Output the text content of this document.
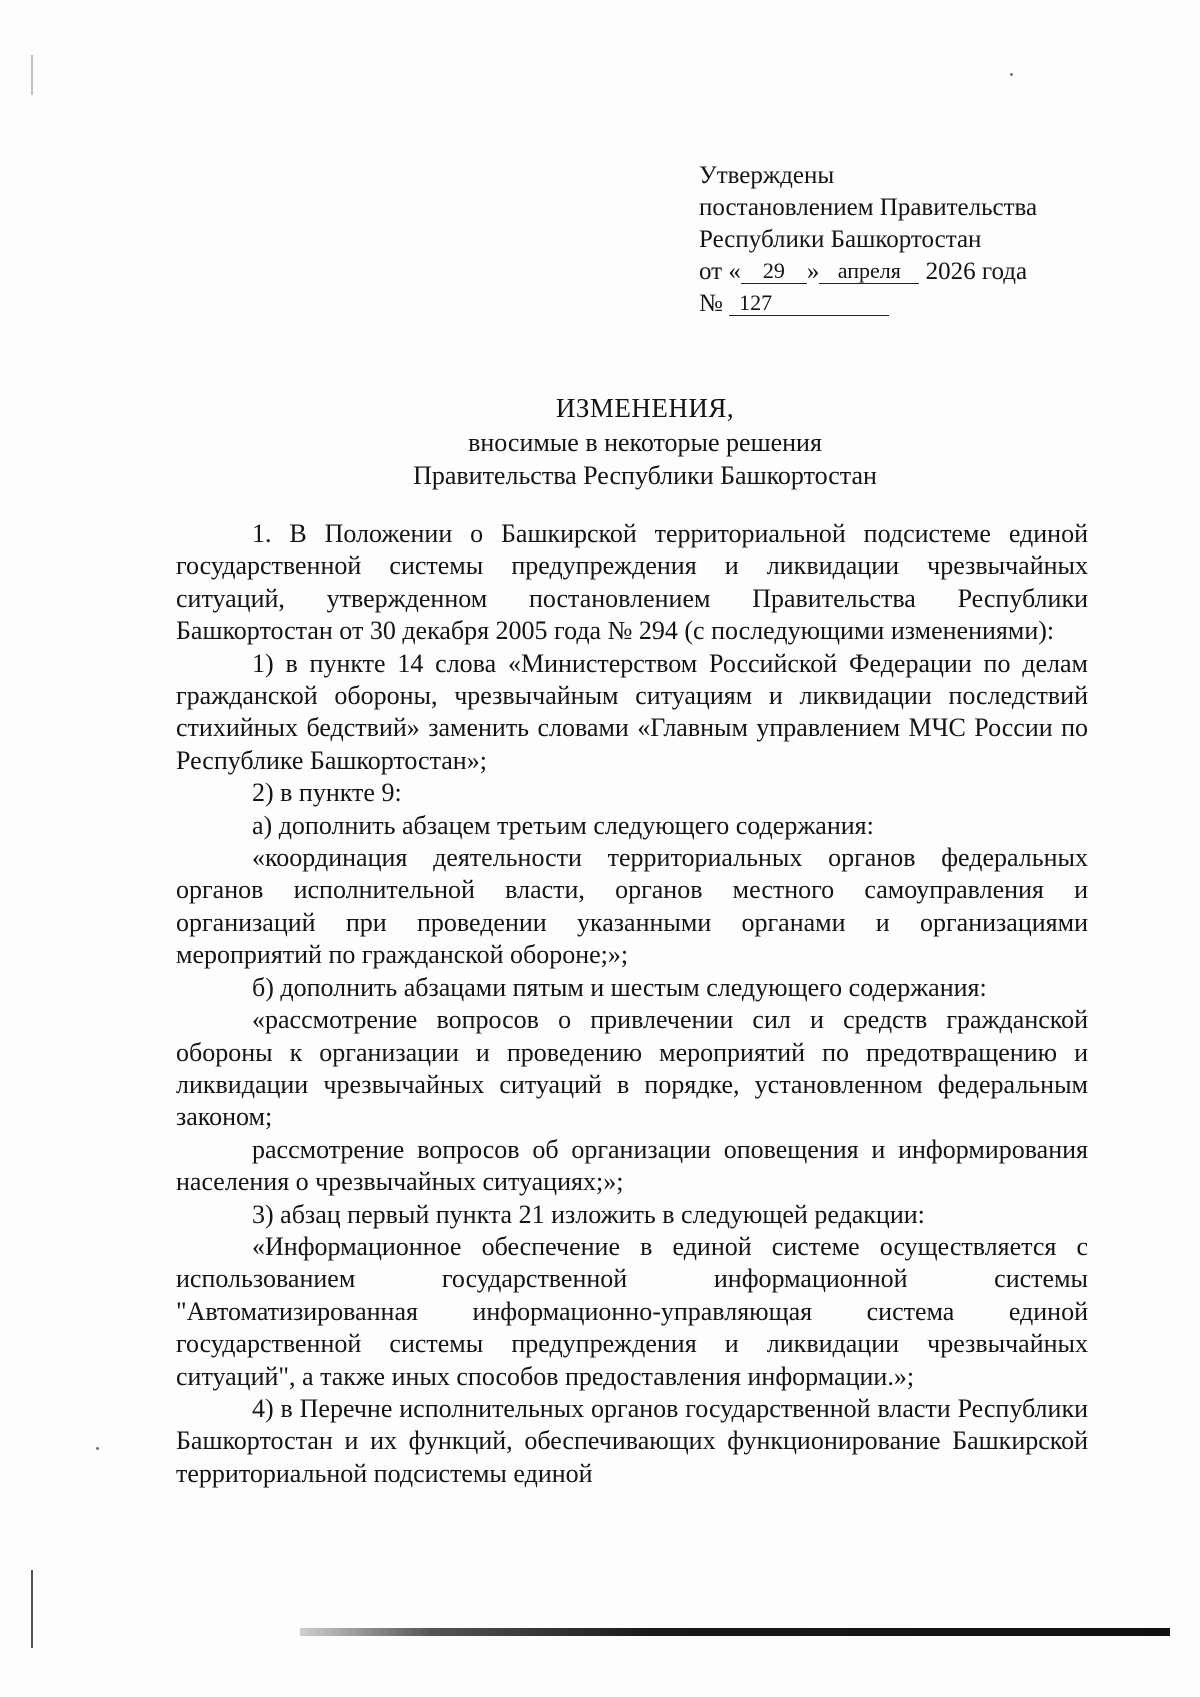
Утверждены
постановлением Правительства
Республики Башкортостан
от « 29 » апреля 2026 года
№ 127
ИЗМЕНЕНИЯ,
вносимые в некоторые решения
Правительства Республики Башкортостан

1. В Положении о Башкирской территориальной подсистеме единой государственной системы предупреждения и ликвидации чрезвычайных ситуаций, утвержденном постановлением Правительства Республики Башкортостан от 30 декабря 2005 года № 294 (с последующими изменениями):

1) в пункте 14 слова «Министерством Российской Федерации по делам гражданской обороны, чрезвычайным ситуациям и ликвидации последствий стихийных бедствий» заменить словами «Главным управлением МЧС России по Республике Башкортостан»;

2) в пункте 9:

а) дополнить абзацем третьим следующего содержания:

«координация деятельности территориальных органов федеральных органов исполнительной власти, органов местного самоуправления и организаций при проведении указанными органами и организациями мероприятий по гражданской обороне;»;

б) дополнить абзацами пятым и шестым следующего содержания:

«рассмотрение вопросов о привлечении сил и средств гражданской обороны к организации и проведению мероприятий по предотвращению и ликвидации чрезвычайных ситуаций в порядке, установленном федеральным законом;

рассмотрение вопросов об организации оповещения и информирования населения о чрезвычайных ситуациях;»;

3) абзац первый пункта 21 изложить в следующей редакции:

«Информационное обеспечение в единой системе осуществляется с использованием государственной информационной системы "Автоматизированная информационно-управляющая система единой государственной системы предупреждения и ликвидации чрезвычайных ситуаций", а также иных способов предоставления информации.»;

4) в Перечне исполнительных органов государственной власти Республики Башкортостан и их функций, обеспечивающих функционирование Башкирской территориальной подсистемы единой
